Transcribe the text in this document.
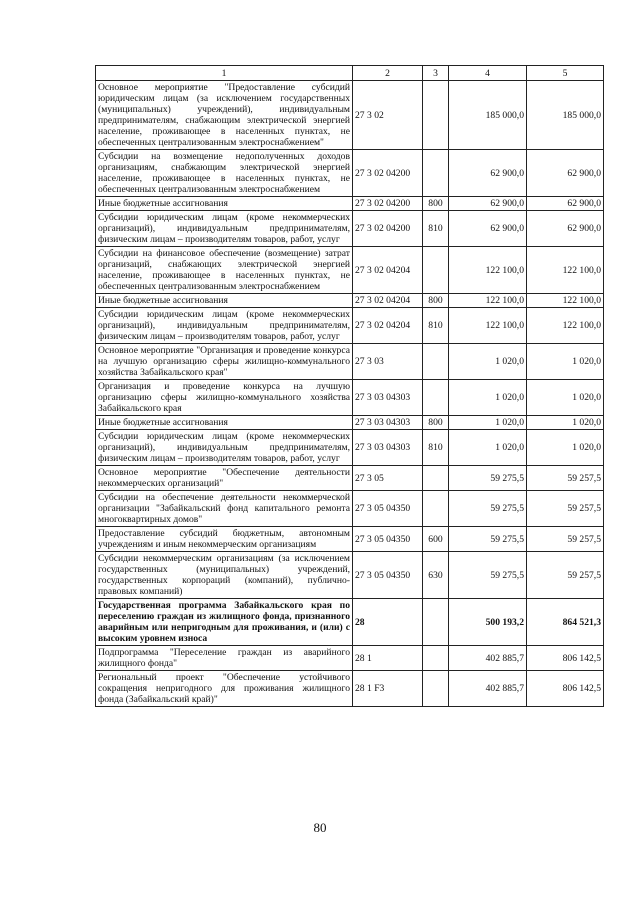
1	2	3	4	5
Основное мероприятие "Предоставление субсидий юридическим лицам (за исключением государственных (муниципальных) учреждений), индивидуальным предпринимателям, снабжающим электрической энергией население, проживающее в населенных пунктах, не обеспеченных централизованным электроснабжением"	27 3 02		185 000,0	185 000,0
Субсидии на возмещение недополученных доходов организациям, снабжающим электрической энергией население, проживающее в населенных пунктах, не обеспеченных централизованным электроснабжением	27 3 02 04200		62 900,0	62 900,0
Иные бюджетные ассигнования	27 3 02 04200	800	62 900,0	62 900,0
Субсидии юридическим лицам (кроме некоммерческих организаций), индивидуальным предпринимателям, физическим лицам – производителям товаров, работ, услуг	27 3 02 04200	810	62 900,0	62 900,0
Субсидии на финансовое обеспечение (возмещение) затрат организаций, снабжающих электрической энергией население, проживающее в населенных пунктах, не обеспеченных централизованным электроснабжением	27 3 02 04204		122 100,0	122 100,0
Иные бюджетные ассигнования	27 3 02 04204	800	122 100,0	122 100,0
Субсидии юридическим лицам (кроме некоммерческих организаций), индивидуальным предпринимателям, физическим лицам – производителям товаров, работ, услуг	27 3 02 04204	810	122 100,0	122 100,0
Основное мероприятие "Организация и проведение конкурса на лучшую организацию сферы жилищно-коммунального хозяйства Забайкальского края"	27 3 03		1 020,0	1 020,0
Организация и проведение конкурса на лучшую организацию сферы жилищно-коммунального хозяйства Забайкальского края	27 3 03 04303		1 020,0	1 020,0
Иные бюджетные ассигнования	27 3 03 04303	800	1 020,0	1 020,0
Субсидии юридическим лицам (кроме некоммерческих организаций), индивидуальным предпринимателям, физическим лицам – производителям товаров, работ, услуг	27 3 03 04303	810	1 020,0	1 020,0
Основное мероприятие "Обеспечение деятельности некоммерческих организаций"	27 3 05		59 275,5	59 257,5
Субсидии на обеспечение деятельности некоммерческой организации "Забайкальский фонд капитального ремонта многоквартирных домов"	27 3 05 04350		59 275,5	59 257,5
Предоставление субсидий бюджетным, автономным учреждениям и иным некоммерческим организациям	27 3 05 04350	600	59 275,5	59 257,5
Субсидии некоммерческим организациям (за исключением государственных (муниципальных) учреждений, государственных корпораций (компаний), публично-правовых компаний)	27 3 05 04350	630	59 275,5	59 257,5
Государственная программа Забайкальского края по переселению граждан из жилищного фонда, признанного аварийным или непригодным для проживания, и (или) с высоким уровнем износа	28		500 193,2	864 521,3
Подпрограмма "Переселение граждан из аварийного жилищного фонда"	28 1		402 885,7	806 142,5
Региональный проект "Обеспечение устойчивого сокращения непригодного для проживания жилищного фонда (Забайкальский край)"	28 1 F3		402 885,7	806 142,5
80
